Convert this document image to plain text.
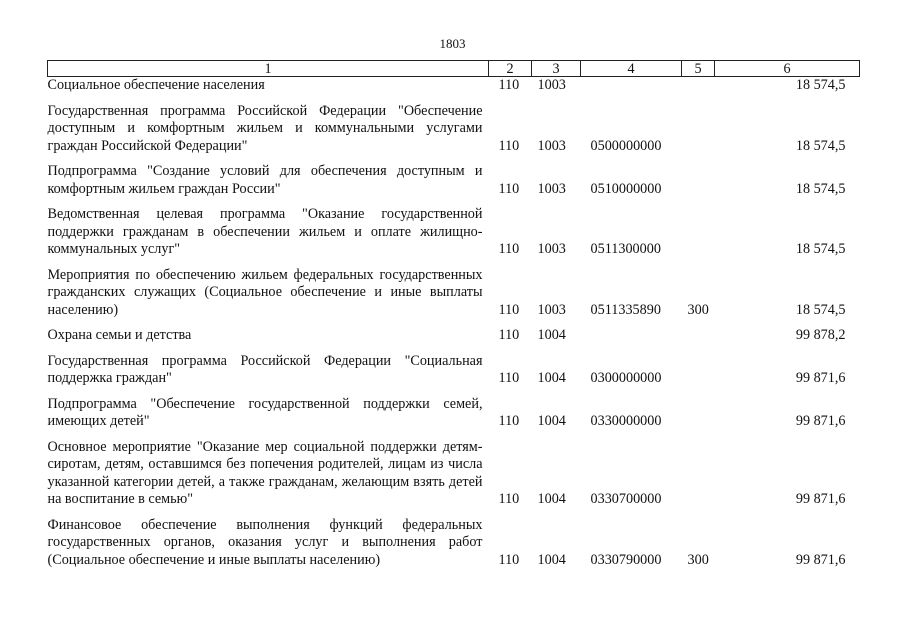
1803
1	2	3	4	5	6
Социальное обеспечение населения	110	1003			18 574,5
Государственная программа Российской Федерации "Обеспечение доступным и комфортным жильем и коммунальными услугами граждан Российской Федерации"	110	1003	0500000000		18 574,5
Подпрограмма "Создание условий для обеспечения доступным и комфортным жильем граждан России"	110	1003	0510000000		18 574,5
Ведомственная целевая программа "Оказание государственной поддержки гражданам в обеспечении жильем и оплате жилищно-коммунальных услуг"	110	1003	0511300000		18 574,5
Мероприятия по обеспечению жильем федеральных государственных гражданских служащих (Социальное обеспечение и иные выплаты населению)	110	1003	0511335890	300	18 574,5
Охрана семьи и детства	110	1004			99 878,2
Государственная программа Российской Федерации "Социальная поддержка граждан"	110	1004	0300000000		99 871,6
Подпрограмма "Обеспечение государственной поддержки семей, имеющих детей"	110	1004	0330000000		99 871,6
Основное мероприятие "Оказание мер социальной поддержки детям-сиротам, детям, оставшимся без попечения родителей, лицам из числа указанной категории детей, а также гражданам, желающим взять детей на воспитание в семью"	110	1004	0330700000		99 871,6
Финансовое обеспечение выполнения функций федеральных государственных органов, оказания услуг и выполнения работ (Социальное обеспечение и иные выплаты населению)	110	1004	0330790000	300	99 871,6
